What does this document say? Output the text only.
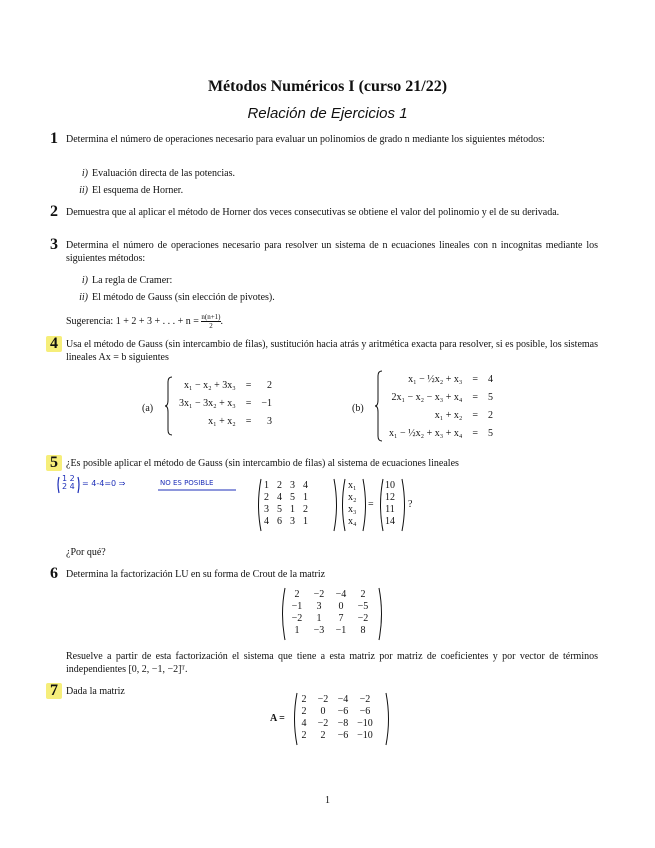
Métodos Numéricos I (curso 21/22)
Relación de Ejercicios 1
1 Determina el número de operaciones necesario para evaluar un polinomios de grado n mediante los siguientes métodos:
i) Evaluación directa de las potencias.
ii) El esquema de Horner.
2 Demuestra que al aplicar el método de Horner dos veces consecutivas se obtiene el valor del polinomio y el de su derivada.
3 Determina el número de operaciones necesario para resolver un sistema de n ecuaciones lineales con n incognitas mediante los siguientes métodos:
i) La regla de Cramer:
ii) El método de Gauss (sin elección de pivotes).
Sugerencia: 1 + 2 + 3 + . . . + $n = \frac{n(n+1)}{2}$ .
4 Usa el método de Gauss (sin intercambio de filas), sustitución hacia atrás y aritmética exacta para resolver, si es posible, los sistemas lineales Ax = b siguientes
(a)
x₁ − x₂ + 3x₃	=	2
3x₁ − 3x₂ + x₃	=	−1
x₁ + x₂	=	3
(b)
x₁ − ½x₂ + x₃	=	4
2x₁ − x₂ − x₃ + x₄	=	5
x₁ + x₂	=	2
x₁ − ½x₂ + x₃ + x₄	=	5
5 ¿Es posible aplicar el método de Gauss (sin intercambio de filas) al sistema de ecuaciones lineales
1 2
2 4 = 4-4=0 ⇒	NO ES POSIBLE	1	2	3	4
2	4	5	1
3	5	1	2
4	6	3	1
x₁
x₂
x₃
x₄
=
10
12
11
14
?
¿Por qué?
6 Determina la factorización LU en su forma de Crout de la matriz
2	−2	−4	2
−1	3	0	−5
−2	1	7	−2
1	−3	−1	8
Resuelve a partir de esta factorización el sistema que tiene a esta matriz por matriz de coeficientes y por vector de términos independientes [0, 2, −1, −2]ᵀ.
7 Dada la matriz
A =
2	−2	−4	−2
2	0	−6	−6
4	−2	−8	−10
2	2	−6	−10
1
